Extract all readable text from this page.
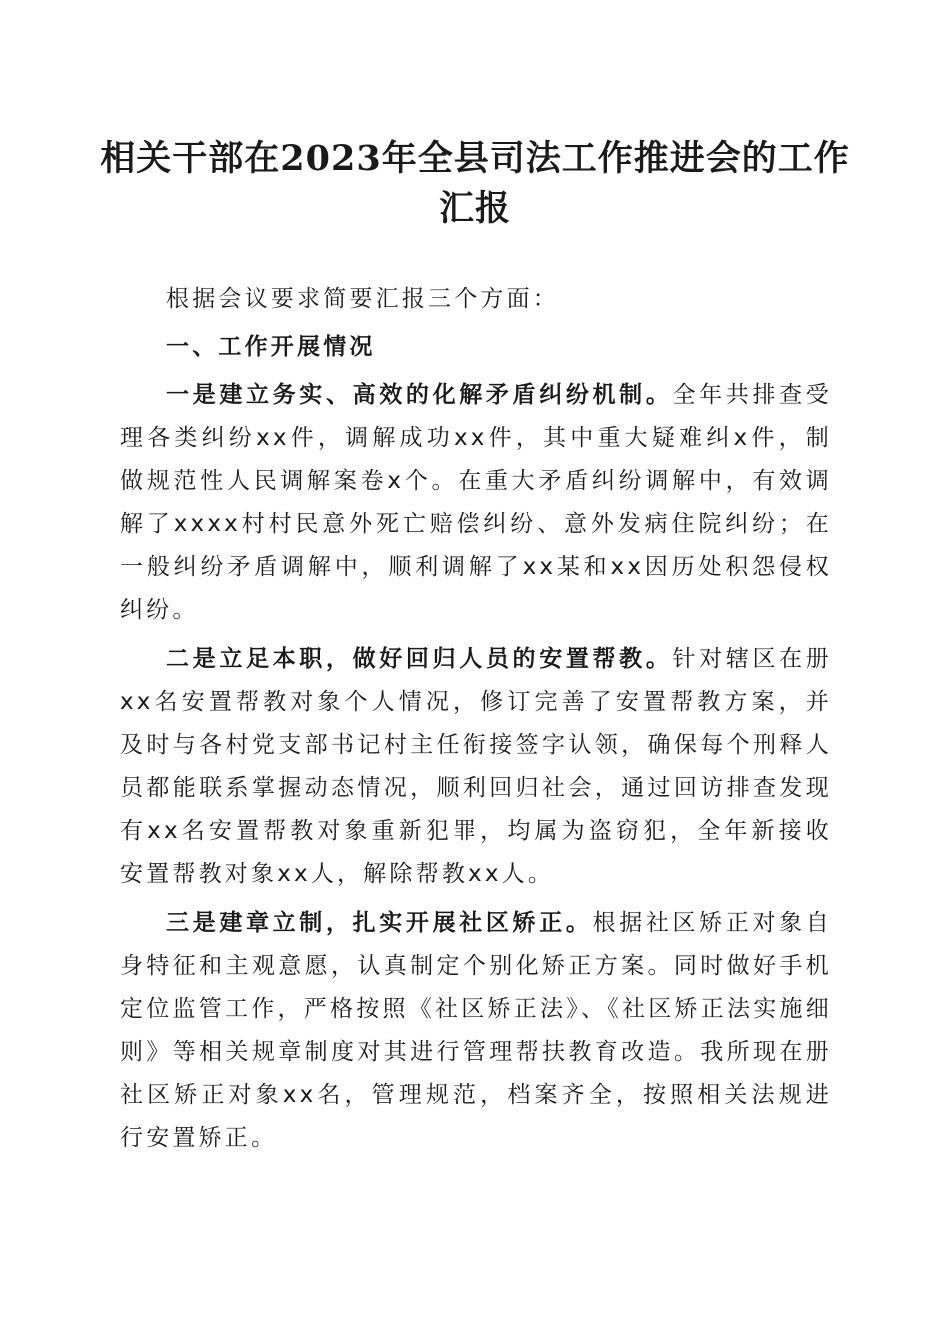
相关干部在2023年全县司法工作推进会的工作汇报

根据会议要求简要汇报三个方面：

一、工作开展情况

一是建立务实、高效的化解矛盾纠纷机制。全年共排查受理各类纠纷xx件，调解成功xx件，其中重大疑难纠x件，制做规范性人民调解案卷x个。在重大矛盾纠纷调解中，有效调解了xxxx村村民意外死亡赔偿纠纷、意外发病住院纠纷；在一般纠纷矛盾调解中，顺利调解了xx某和xx因历处积怨侵权纠纷。

二是立足本职，做好回归人员的安置帮教。针对辖区在册xx名安置帮教对象个人情况，修订完善了安置帮教方案，并及时与各村党支部书记村主任衔接签字认领，确保每个刑释人员都能联系掌握动态情况，顺利回归社会，通过回访排查发现有xx名安置帮教对象重新犯罪，均属为盗窃犯，全年新接收安置帮教对象xx人，解除帮教xx人。

三是建章立制，扎实开展社区矫正。根据社区矫正对象自身特征和主观意愿，认真制定个别化矫正方案。同时做好手机定位监管工作，严格按照《社区矫正法》、《社区矫正法实施细则》等相关规章制度对其进行管理帮扶教育改造。我所现在册社区矫正对象xx名，管理规范，档案齐全，按照相关法规进行安置矫正。
